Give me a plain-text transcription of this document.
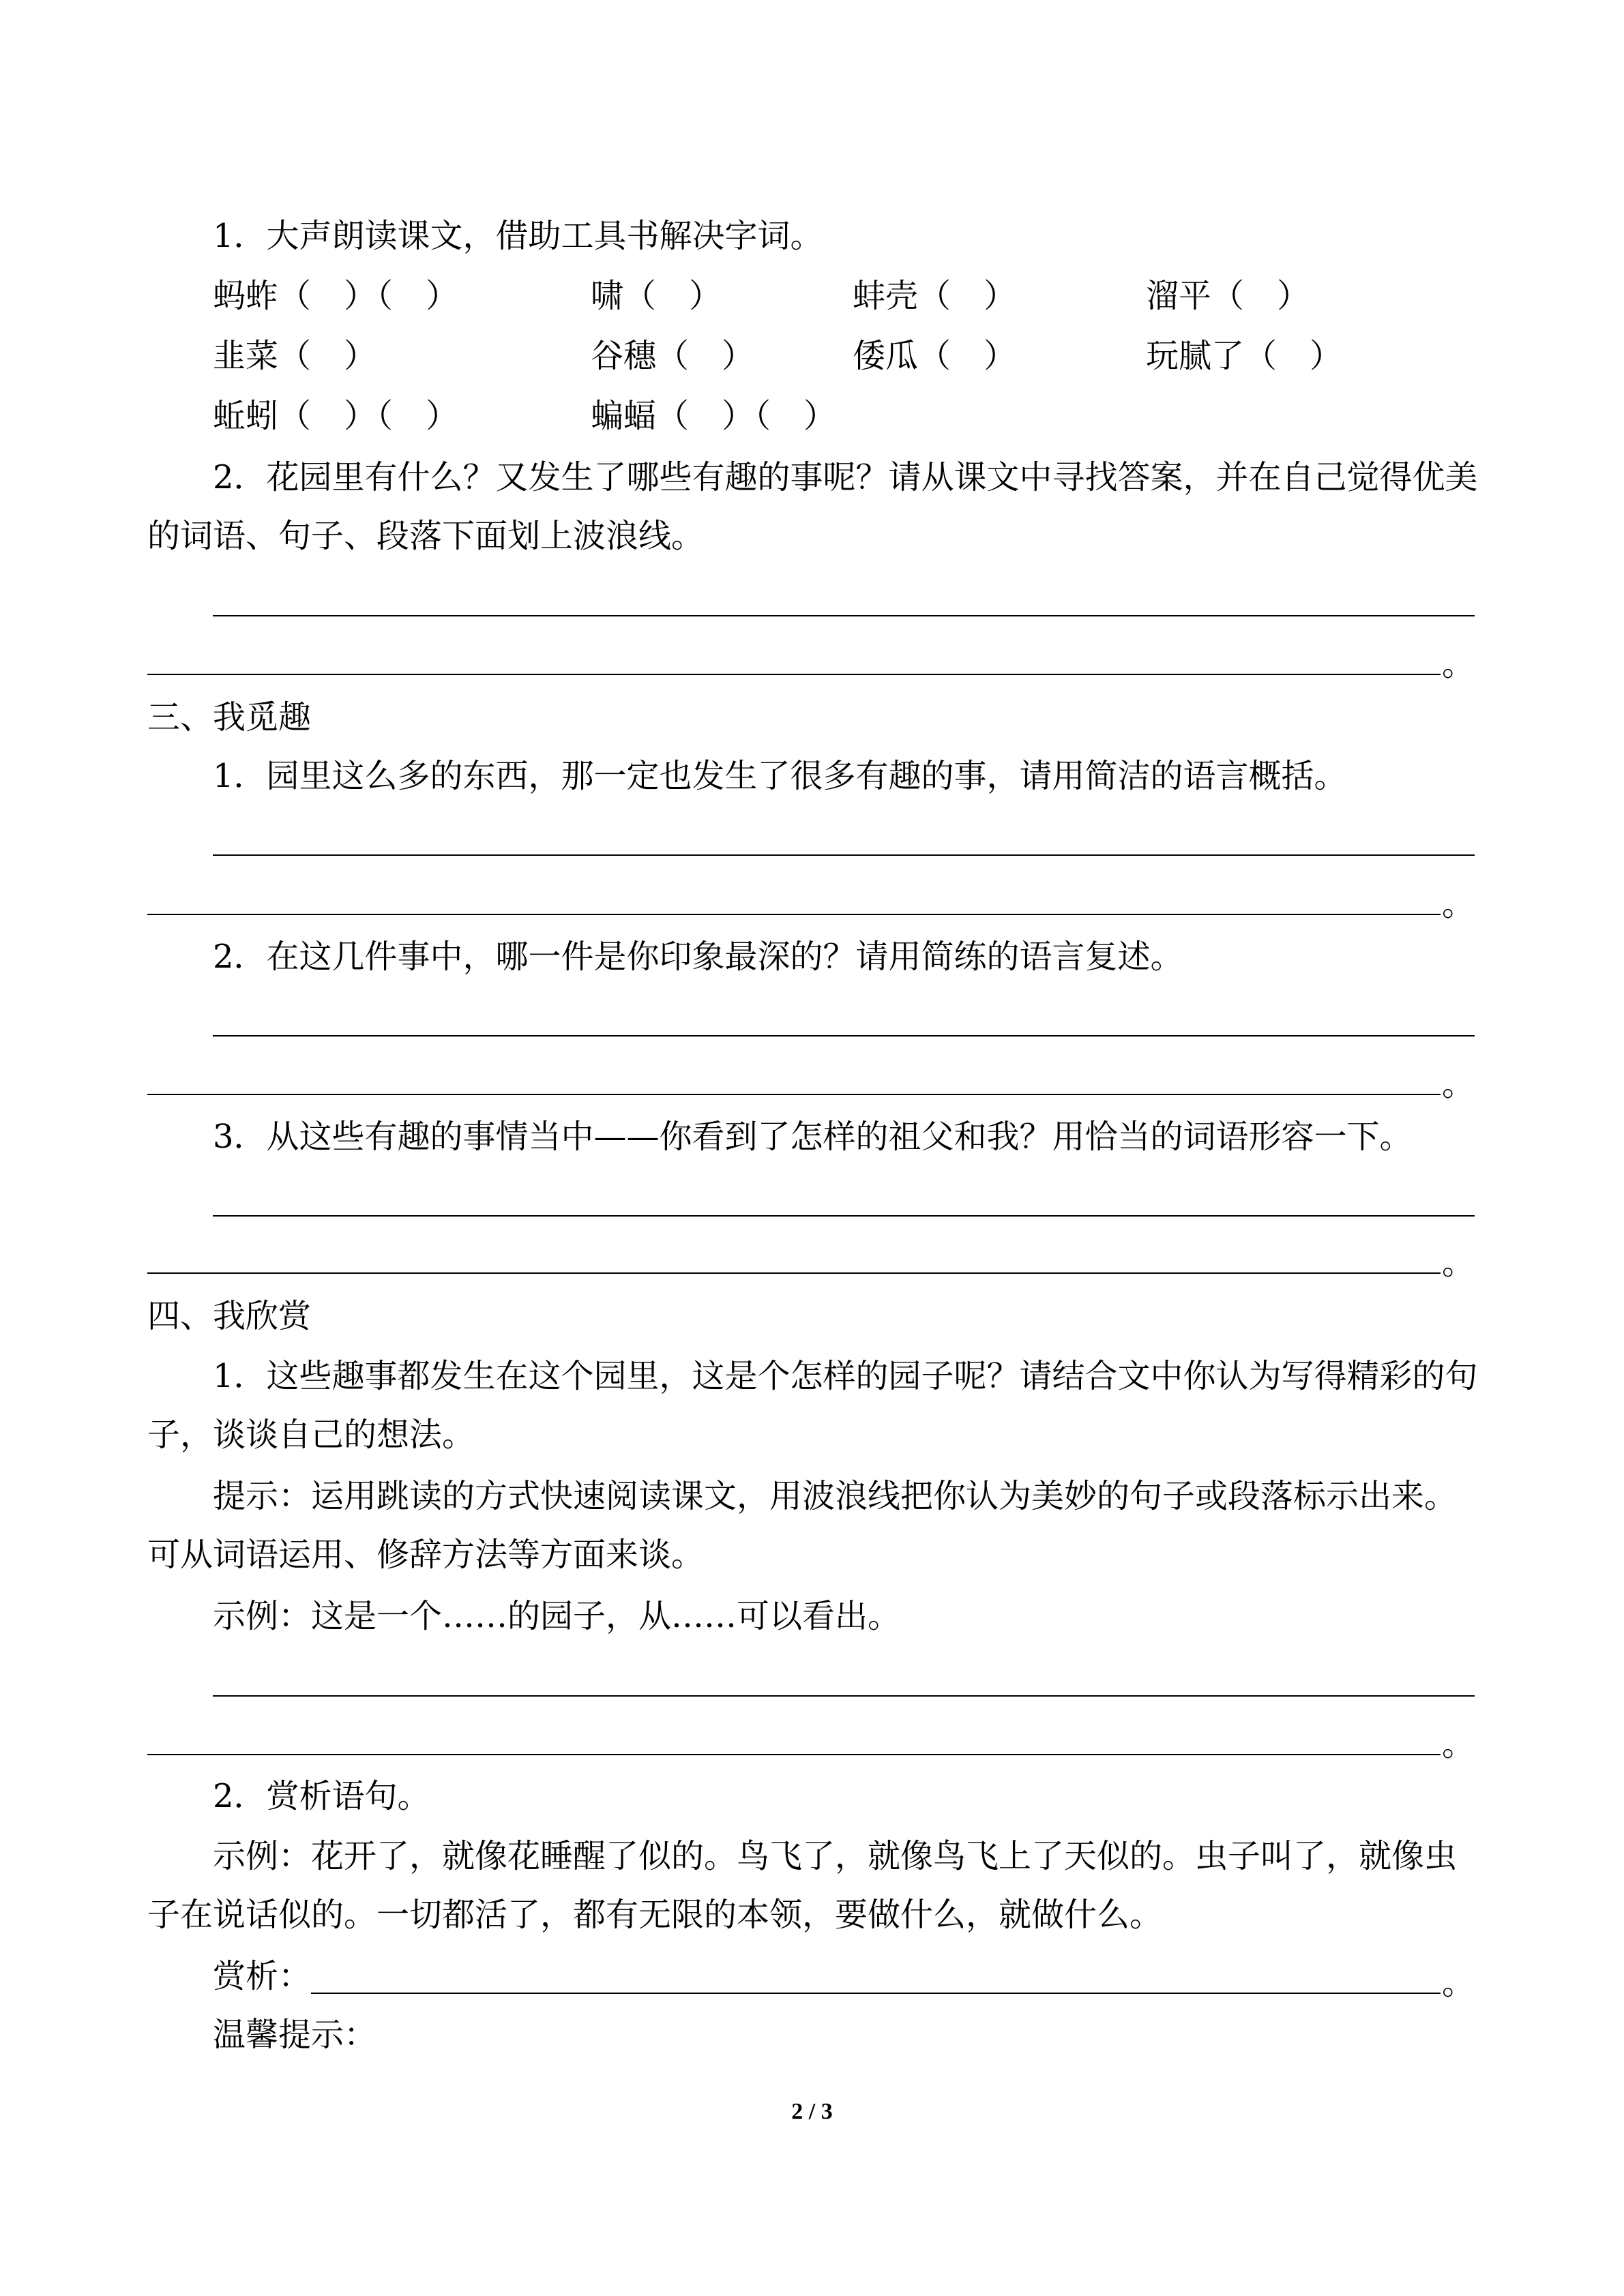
1．大声朗读课文，借助工具书解决字词。
蚂蚱（　）（　）	啸（　）	蚌壳（　）	溜平（　）
韭菜（　）	谷穗（　）	倭瓜（　）	玩腻了（　）
蚯蚓（　）（　）	蝙蝠（　）（　）
2．花园里有什么？又发生了哪些有趣的事呢？请从课文中寻找答案，并在自己觉得优美
的词语、句子、段落下面划上波浪线。
。
三、我觅趣
1．园里这么多的东西，那一定也发生了很多有趣的事，请用简洁的语言概括。
。
2．在这几件事中，哪一件是你印象最深的？请用简练的语言复述。
。
3．从这些有趣的事情当中——你看到了怎样的祖父和我？用恰当的词语形容一下。
。
四、我欣赏
1．这些趣事都发生在这个园里，这是个怎样的园子呢？请结合文中你认为写得精彩的句
子，谈谈自己的想法。
提示：运用跳读的方式快速阅读课文，用波浪线把你认为美妙的句子或段落标示出来。
可从词语运用、修辞方法等方面来谈。
示例：这是一个……的园子，从……可以看出。
。
2．赏析语句。
示例：花开了，就像花睡醒了似的。鸟飞了，就像鸟飞上了天似的。虫子叫了，就像虫
子在说话似的。一切都活了，都有无限的本领，要做什么，就做什么。
赏析：	。
温馨提示：
2 / 3
